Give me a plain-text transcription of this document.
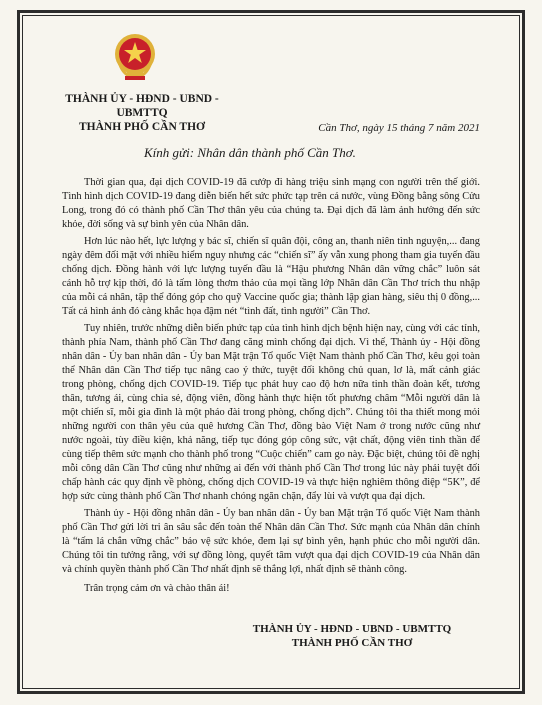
THÀNH ỦY - HĐND - UBND - UBMTTQ
THÀNH PHỐ CẦN THƠ	Cần Thơ, ngày 15 tháng 7 năm 2021
Kính gửi: Nhân dân thành phố Cần Thơ.

Thời gian qua, đại dịch COVID-19 đã cướp đi hàng triệu sinh mạng con người trên thế giới. Tình hình dịch COVID-19 đang diễn biến hết sức phức tạp trên cả nước, vùng Đồng bằng sông Cửu Long, trong đó có thành phố Cần Thơ thân yêu của chúng ta. Đại dịch đã làm ảnh hưởng đến sức khỏe, đời sống và sự bình yên của Nhân dân.

Hơn lúc nào hết, lực lượng y bác sĩ, chiến sĩ quân đội, công an, thanh niên tình nguyện,... đang ngày đêm đối mặt với nhiều hiểm nguy nhưng các “chiến sĩ” ấy vẫn xung phong tham gia tuyến đầu chống dịch. Đồng hành với lực lượng tuyến đầu là “Hậu phương Nhân dân vững chắc” luôn sát cánh hỗ trợ kịp thời, đó là tấm lòng thơm thảo của mọi tầng lớp Nhân dân Cần Thơ trích thu nhập của mỗi cá nhân, tập thể đóng góp cho quỹ Vaccine quốc gia; thành lập gian hàng, siêu thị 0 đồng,... Tất cả hình ảnh đó càng khắc họa đậm nét “tình đất, tình người” Cần Thơ.

Tuy nhiên, trước những diễn biến phức tạp của tình hình dịch bệnh hiện nay, cùng với các tỉnh, thành phía Nam, thành phố Cần Thơ đang căng mình chống đại dịch. Vì thế, Thành ủy - Hội đồng nhân dân - Ủy ban nhân dân - Ủy ban Mặt trận Tổ quốc Việt Nam thành phố Cần Thơ, kêu gọi toàn thể Nhân dân Cần Thơ tiếp tục nâng cao ý thức, tuyệt đối không chủ quan, lơ là, mất cảnh giác trong phòng, chống dịch COVID-19. Tiếp tục phát huy cao độ hơn nữa tinh thần đoàn kết, tương thân, tương ái, cùng chia sẻ, động viên, đồng hành thực hiện tốt phương châm “Mỗi người dân là một chiến sĩ, mỗi gia đình là một pháo đài trong phòng, chống dịch”. Chúng tôi tha thiết mong mỏi những người con thân yêu của quê hương Cần Thơ, đồng bào Việt Nam ở trong nước cũng như nước ngoài, tùy điều kiện, khả năng, tiếp tục đóng góp công sức, vật chất, động viên tinh thần để cùng tiếp thêm sức mạnh cho thành phố trong “Cuộc chiến” cam go này. Đặc biệt, chúng tôi đề nghị mỗi công dân Cần Thơ cũng như những ai đến với thành phố Cần Thơ trong lúc này phải tuyệt đối chấp hành các quy định về phòng, chống dịch COVID-19 và thực hiện nghiêm thông điệp “5K”, để hợp sức cùng thành phố Cần Thơ nhanh chóng ngăn chặn, đẩy lùi và vượt qua đại dịch.

Thành ủy - Hội đồng nhân dân - Ủy ban nhân dân - Ủy ban Mặt trận Tổ quốc Việt Nam thành phố Cần Thơ gửi lời tri ân sâu sắc đến toàn thể Nhân dân Cần Thơ. Sức mạnh của Nhân dân chính là “tấm lá chắn vững chắc” bảo vệ sức khỏe, đem lại sự bình yên, hạnh phúc cho mỗi người dân. Chúng tôi tin tưởng rằng, với sự đồng lòng, quyết tâm vượt qua đại dịch COVID-19 của Nhân dân và chính quyền thành phố Cần Thơ nhất định sẽ thắng lợi, nhất định sẽ thành công.

Trân trọng cảm ơn và chào thân ái!
THÀNH ỦY - HĐND - UBND - UBMTTQ
THÀNH PHỐ CẦN THƠ
